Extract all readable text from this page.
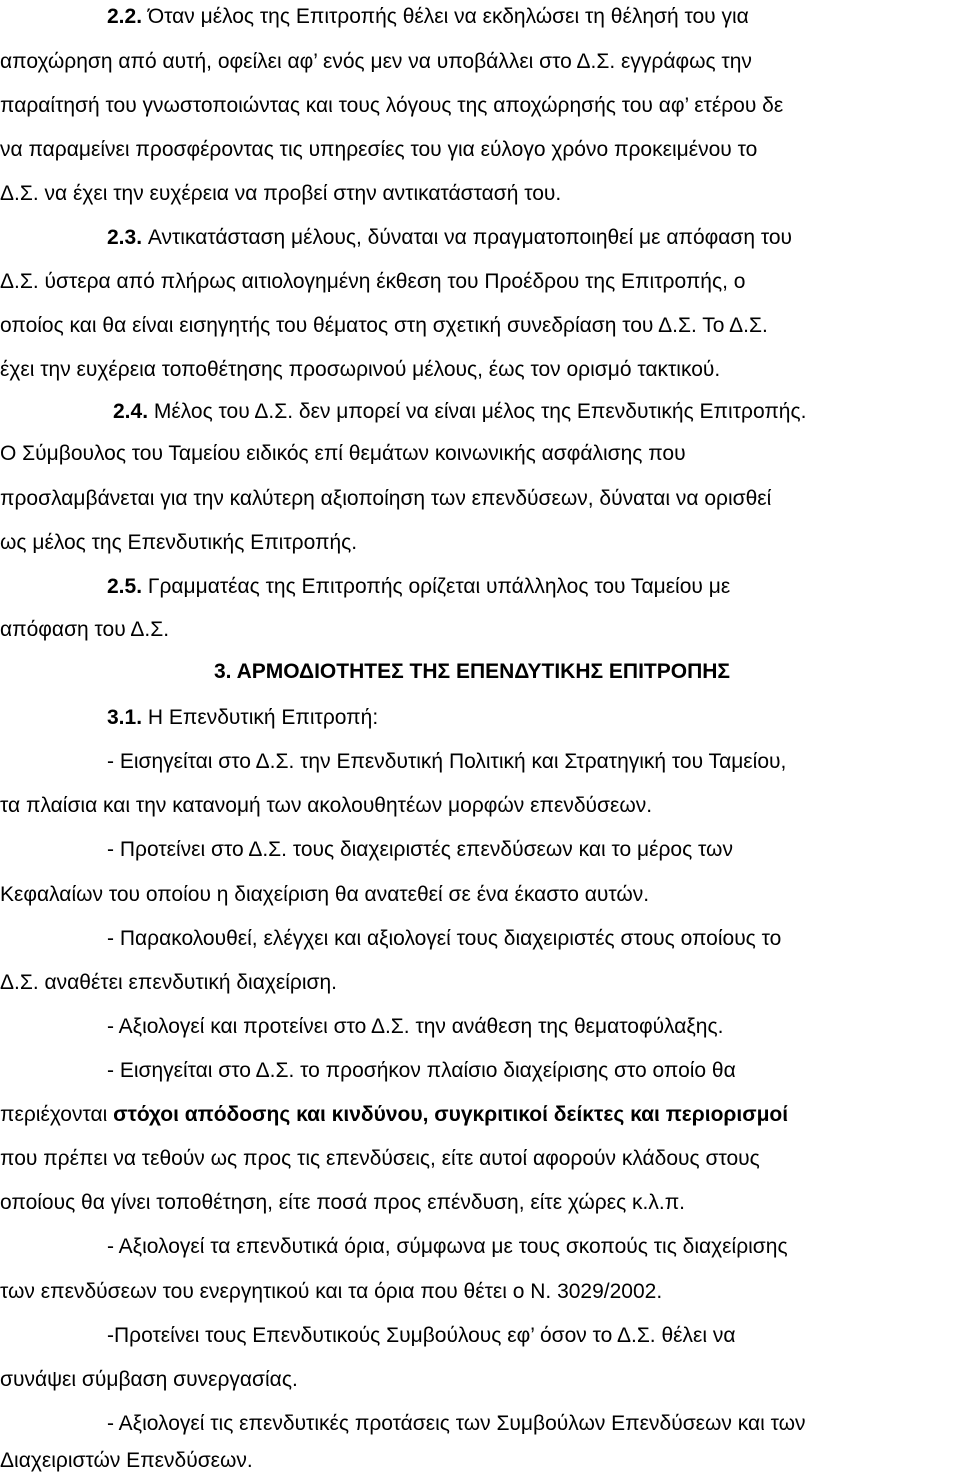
2.2. Όταν μέλος της Επιτροπής θέλει να εκδηλώσει τη θέλησή του για
αποχώρηση από αυτή, οφείλει αφ’ ενός μεν να υποβάλλει στο Δ.Σ. εγγράφως την
παραίτησή του γνωστοποιώντας και τους λόγους της αποχώρησής του αφ’ ετέρου δε
να παραμείνει προσφέροντας τις υπηρεσίες του για εύλογο χρόνο προκειμένου το
Δ.Σ. να έχει την ευχέρεια να προβεί στην αντικατάστασή του.
2.3. Αντικατάσταση μέλους, δύναται να πραγματοποιηθεί με απόφαση του
Δ.Σ. ύστερα από πλήρως αιτιολογημένη έκθεση του Προέδρου της Επιτροπής, ο
οποίος και θα είναι εισηγητής του θέματος στη σχετική συνεδρίαση του Δ.Σ. Το Δ.Σ.
έχει την ευχέρεια τοποθέτησης προσωρινού μέλους, έως τον ορισμό τακτικού.
2.4. Μέλος του Δ.Σ. δεν μπορεί να είναι μέλος της Επενδυτικής Επιτροπής.
Ο Σύμβουλος του Ταμείου ειδικός επί θεμάτων κοινωνικής ασφάλισης που
προσλαμβάνεται για την καλύτερη αξιοποίηση των επενδύσεων, δύναται να ορισθεί
ως μέλος της Επενδυτικής Επιτροπής.
2.5. Γραμματέας της Επιτροπής ορίζεται υπάλληλος του Ταμείου με
απόφαση του Δ.Σ.
3. ΑΡΜΟΔΙΟΤΗΤΕΣ ΤΗΣ ΕΠΕΝΔΥΤΙΚΗΣ ΕΠΙΤΡΟΠΗΣ
3.1. Η Επενδυτική Επιτροπή:
- Εισηγείται στο Δ.Σ. την Επενδυτική Πολιτική και Στρατηγική του Ταμείου,
τα πλαίσια και την κατανομή των ακολουθητέων μορφών επενδύσεων.
- Προτείνει στο Δ.Σ. τους διαχειριστές επενδύσεων και το μέρος των
Κεφαλαίων του οποίου η διαχείριση θα ανατεθεί σε ένα έκαστο αυτών.
- Παρακολουθεί, ελέγχει και αξιολογεί τους διαχειριστές στους οποίους το
Δ.Σ. αναθέτει επενδυτική διαχείριση.
- Αξιολογεί και προτείνει στο Δ.Σ. την ανάθεση της θεματοφύλαξης.
- Εισηγείται στο Δ.Σ. το προσήκον πλαίσιο διαχείρισης στο οποίο θα
περιέχονται στόχοι απόδοσης και κινδύνου, συγκριτικοί δείκτες και περιορισμοί
που πρέπει να τεθούν ως προς τις επενδύσεις, είτε αυτοί αφορούν κλάδους στους
οποίους θα γίνει τοποθέτηση, είτε ποσά προς επένδυση, είτε χώρες κ.λ.π.
- Αξιολογεί τα επενδυτικά όρια, σύμφωνα με τους σκοπούς τις διαχείρισης
των επενδύσεων του ενεργητικού και τα όρια που θέτει ο Ν. 3029/2002.
-Προτείνει τους Επενδυτικούς Συμβούλους εφ’ όσον το Δ.Σ. θέλει να
συνάψει σύμβαση συνεργασίας.
- Αξιολογεί τις επενδυτικές προτάσεις των Συμβούλων Επενδύσεων και των
Διαχειριστών Επενδύσεων.
